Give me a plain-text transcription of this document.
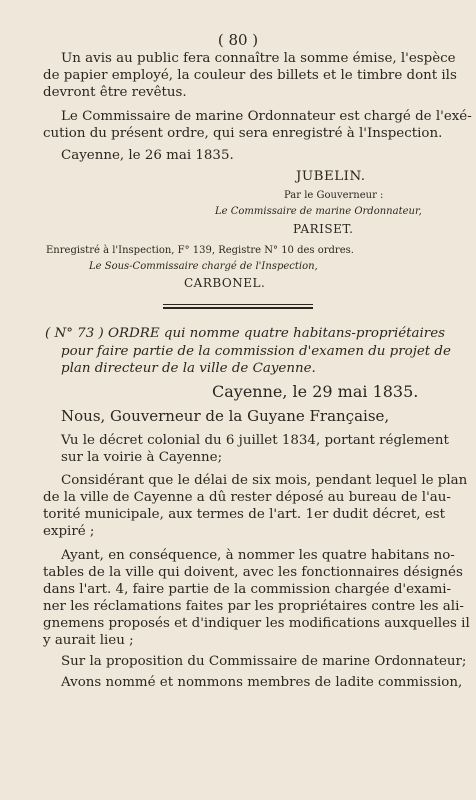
( 80 )
Un avis au public fera connaître la somme émise, l'espèce
de papier employé, la couleur des billets et le timbre dont ils
devront être revêtus.
Le Commissaire de marine Ordonnateur est chargé de l'exé-
cution du présent ordre, qui sera enregistré à l'Inspection.
Cayenne, le 26 mai 1835.
JUBELIN.
Par le Gouverneur :
Le Commissaire de marine Ordonnateur,
PARISET.
Enregistré à l'Inspection, F° 139, Registre N° 10 des ordres.
Le Sous-Commissaire chargé de l'Inspection,
CARBONEL.
( N° 73 ) ORDRE qui nomme quatre habitans-propriétaires
pour faire partie de la commission d'examen du projet de
plan directeur de la ville de Cayenne.
Cayenne, le 29 mai 1835.
Nous, Gouverneur de la Guyane Française,
Vu le décret colonial du 6 juillet 1834, portant réglement
sur la voirie à Cayenne;
Considérant que le délai de six mois, pendant lequel le plan
de la ville de Cayenne a dû rester déposé au bureau de l'au-
torité municipale, aux termes de l'art. 1er dudit décret, est
expiré ;
Ayant, en conséquence, à nommer les quatre habitans no-
tables de la ville qui doivent, avec les fonctionnaires désignés
dans l'art. 4, faire partie de la commission chargée d'exami-
ner les réclamations faites par les propriétaires contre les ali-
gnemens proposés et d'indiquer les modifications auxquelles il
y aurait lieu ;
Sur la proposition du Commissaire de marine Ordonnateur;
Avons nommé et nommons membres de ladite commission,
